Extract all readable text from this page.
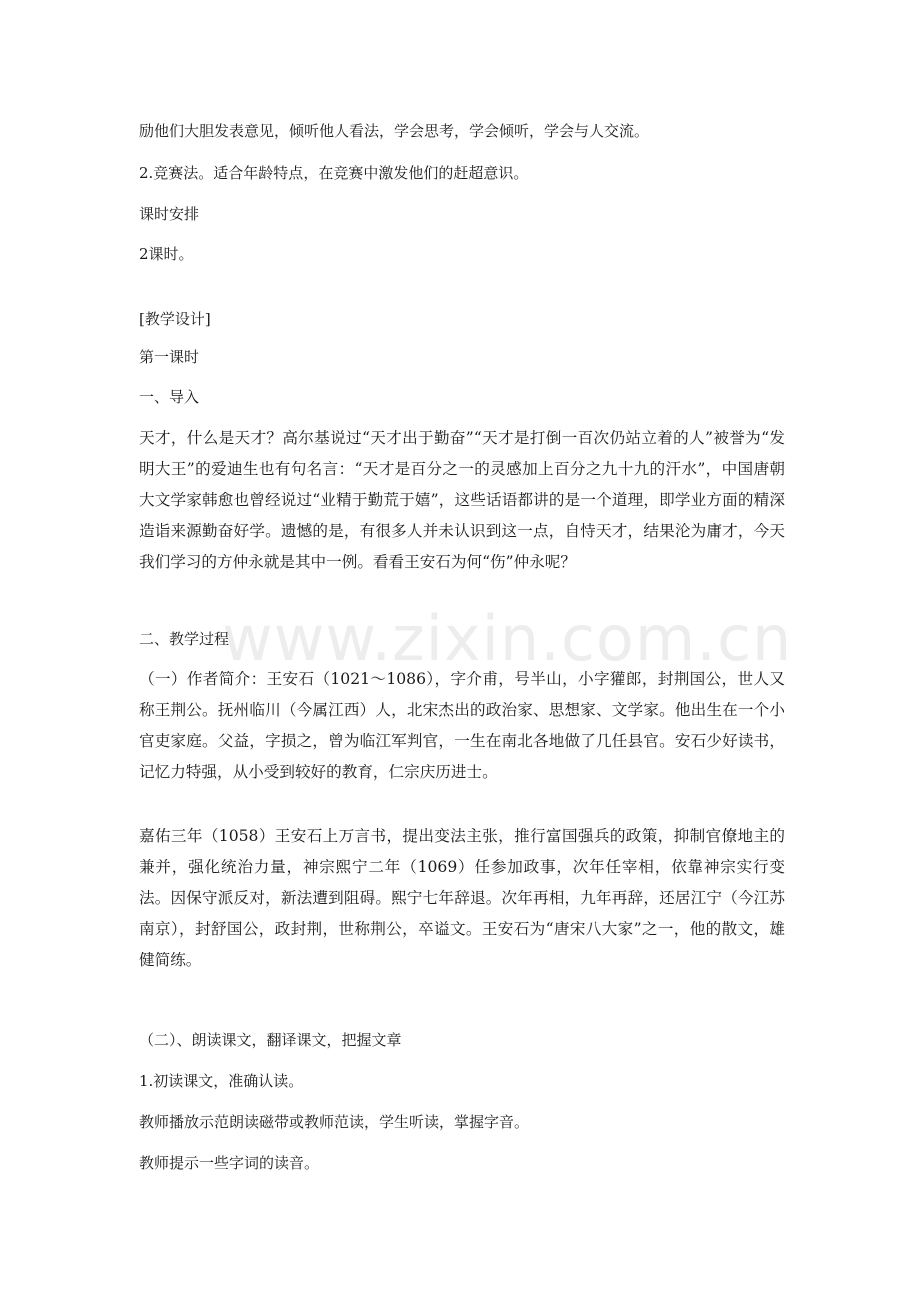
www.zixin.com.cn

励他们大胆发表意见，倾听他人看法，学会思考，学会倾听，学会与人交流。

2.竞赛法。适合年龄特点，在竞赛中激发他们的赶超意识。

课时安排

2课时。

[教学设计]

第一课时

一、导入

天才，什么是天才？高尔基说过“天才出于勤奋”“天才是打倒一百次仍站立着的人”被誉为“发明大王”的爱迪生也有句名言：“天才是百分之一的灵感加上百分之九十九的汗水”，中国唐朝大文学家韩愈也曾经说过“业精于勤荒于嬉”，这些话语都讲的是一个道理，即学业方面的精深造诣来源勤奋好学。遗憾的是，有很多人并未认识到这一点，自恃天才，结果沦为庸才，今天我们学习的方仲永就是其中一例。看看王安石为何“伤”仲永呢？

二、教学过程

（一）作者简介：王安石（1021～1086），字介甫，号半山，小字獾郎，封荆国公，世人又称王荆公。抚州临川（今属江西）人，北宋杰出的政治家、思想家、文学家。他出生在一个小官吏家庭。父益，字损之，曾为临江军判官，一生在南北各地做了几任县官。安石少好读书，记忆力特强，从小受到较好的教育，仁宗庆历进士。

嘉佑三年（1058）王安石上万言书，提出变法主张，推行富国强兵的政策，抑制官僚地主的兼并，强化统治力量，神宗熙宁二年（1069）任参加政事，次年任宰相，依靠神宗实行变法。因保守派反对，新法遭到阻碍。熙宁七年辞退。次年再相，九年再辞，还居江宁（今江苏南京），封舒国公，政封荆，世称荆公，卒谥文。王安石为“唐宋八大家”之一，他的散文，雄健简练。

（二）、朗读课文，翻译课文，把握文章

1.初读课文，准确认读。

教师播放示范朗读磁带或教师范读，学生听读，掌握字音。

教师提示一些字词的读音。
